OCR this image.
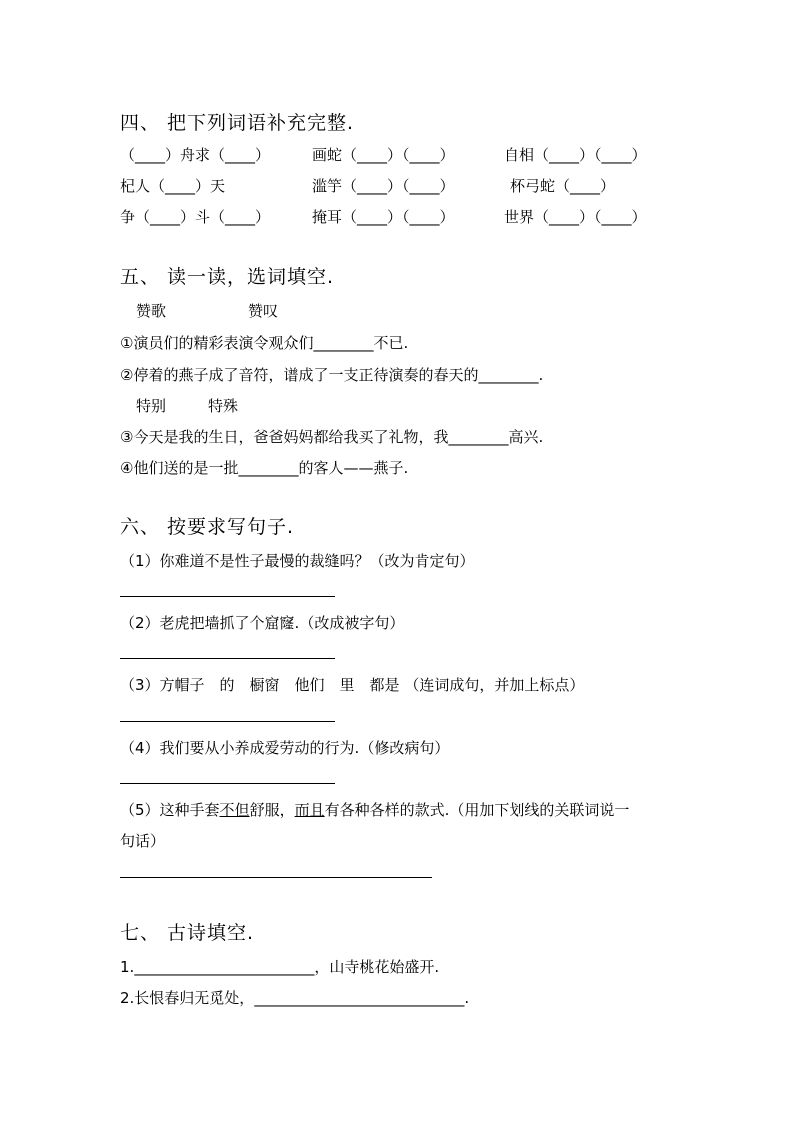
四、 把下列词语补充完整.
（____）舟求（____）	画蛇（____）（____）	自相（____）（____）
杞人（____）天	滥竽（____）（____）	杯弓蛇（____）
争（____）斗（____）	掩耳（____）（____）	世界（____）（____）
五、 读一读，选词填空.
赞歌	赞叹
①演员们的精彩表演令观众们________不已.
②停着的燕子成了音符，谱成了一支正待演奏的春天的________.
特别	特殊
③今天是我的生日，爸爸妈妈都给我买了礼物，我________高兴.
④他们送的是一批________的客人——燕子.
六、 按要求写句子.
（1）你难道不是性子最慢的裁缝吗？（改为肯定句）
（2）老虎把墙抓了个窟窿.（改成被字句）
（3）方帽子　的　橱窗　他们　里　都是 （连词成句，并加上标点）
（4）我们要从小养成爱劳动的行为.（修改病句）
（5）这种手套不但舒服，而且有各种各样的款式.（用加下划线的关联词说一
句话）
七、 古诗填空.
1.________________________，山寺桃花始盛开.
2.长恨春归无觅处，____________________________.
